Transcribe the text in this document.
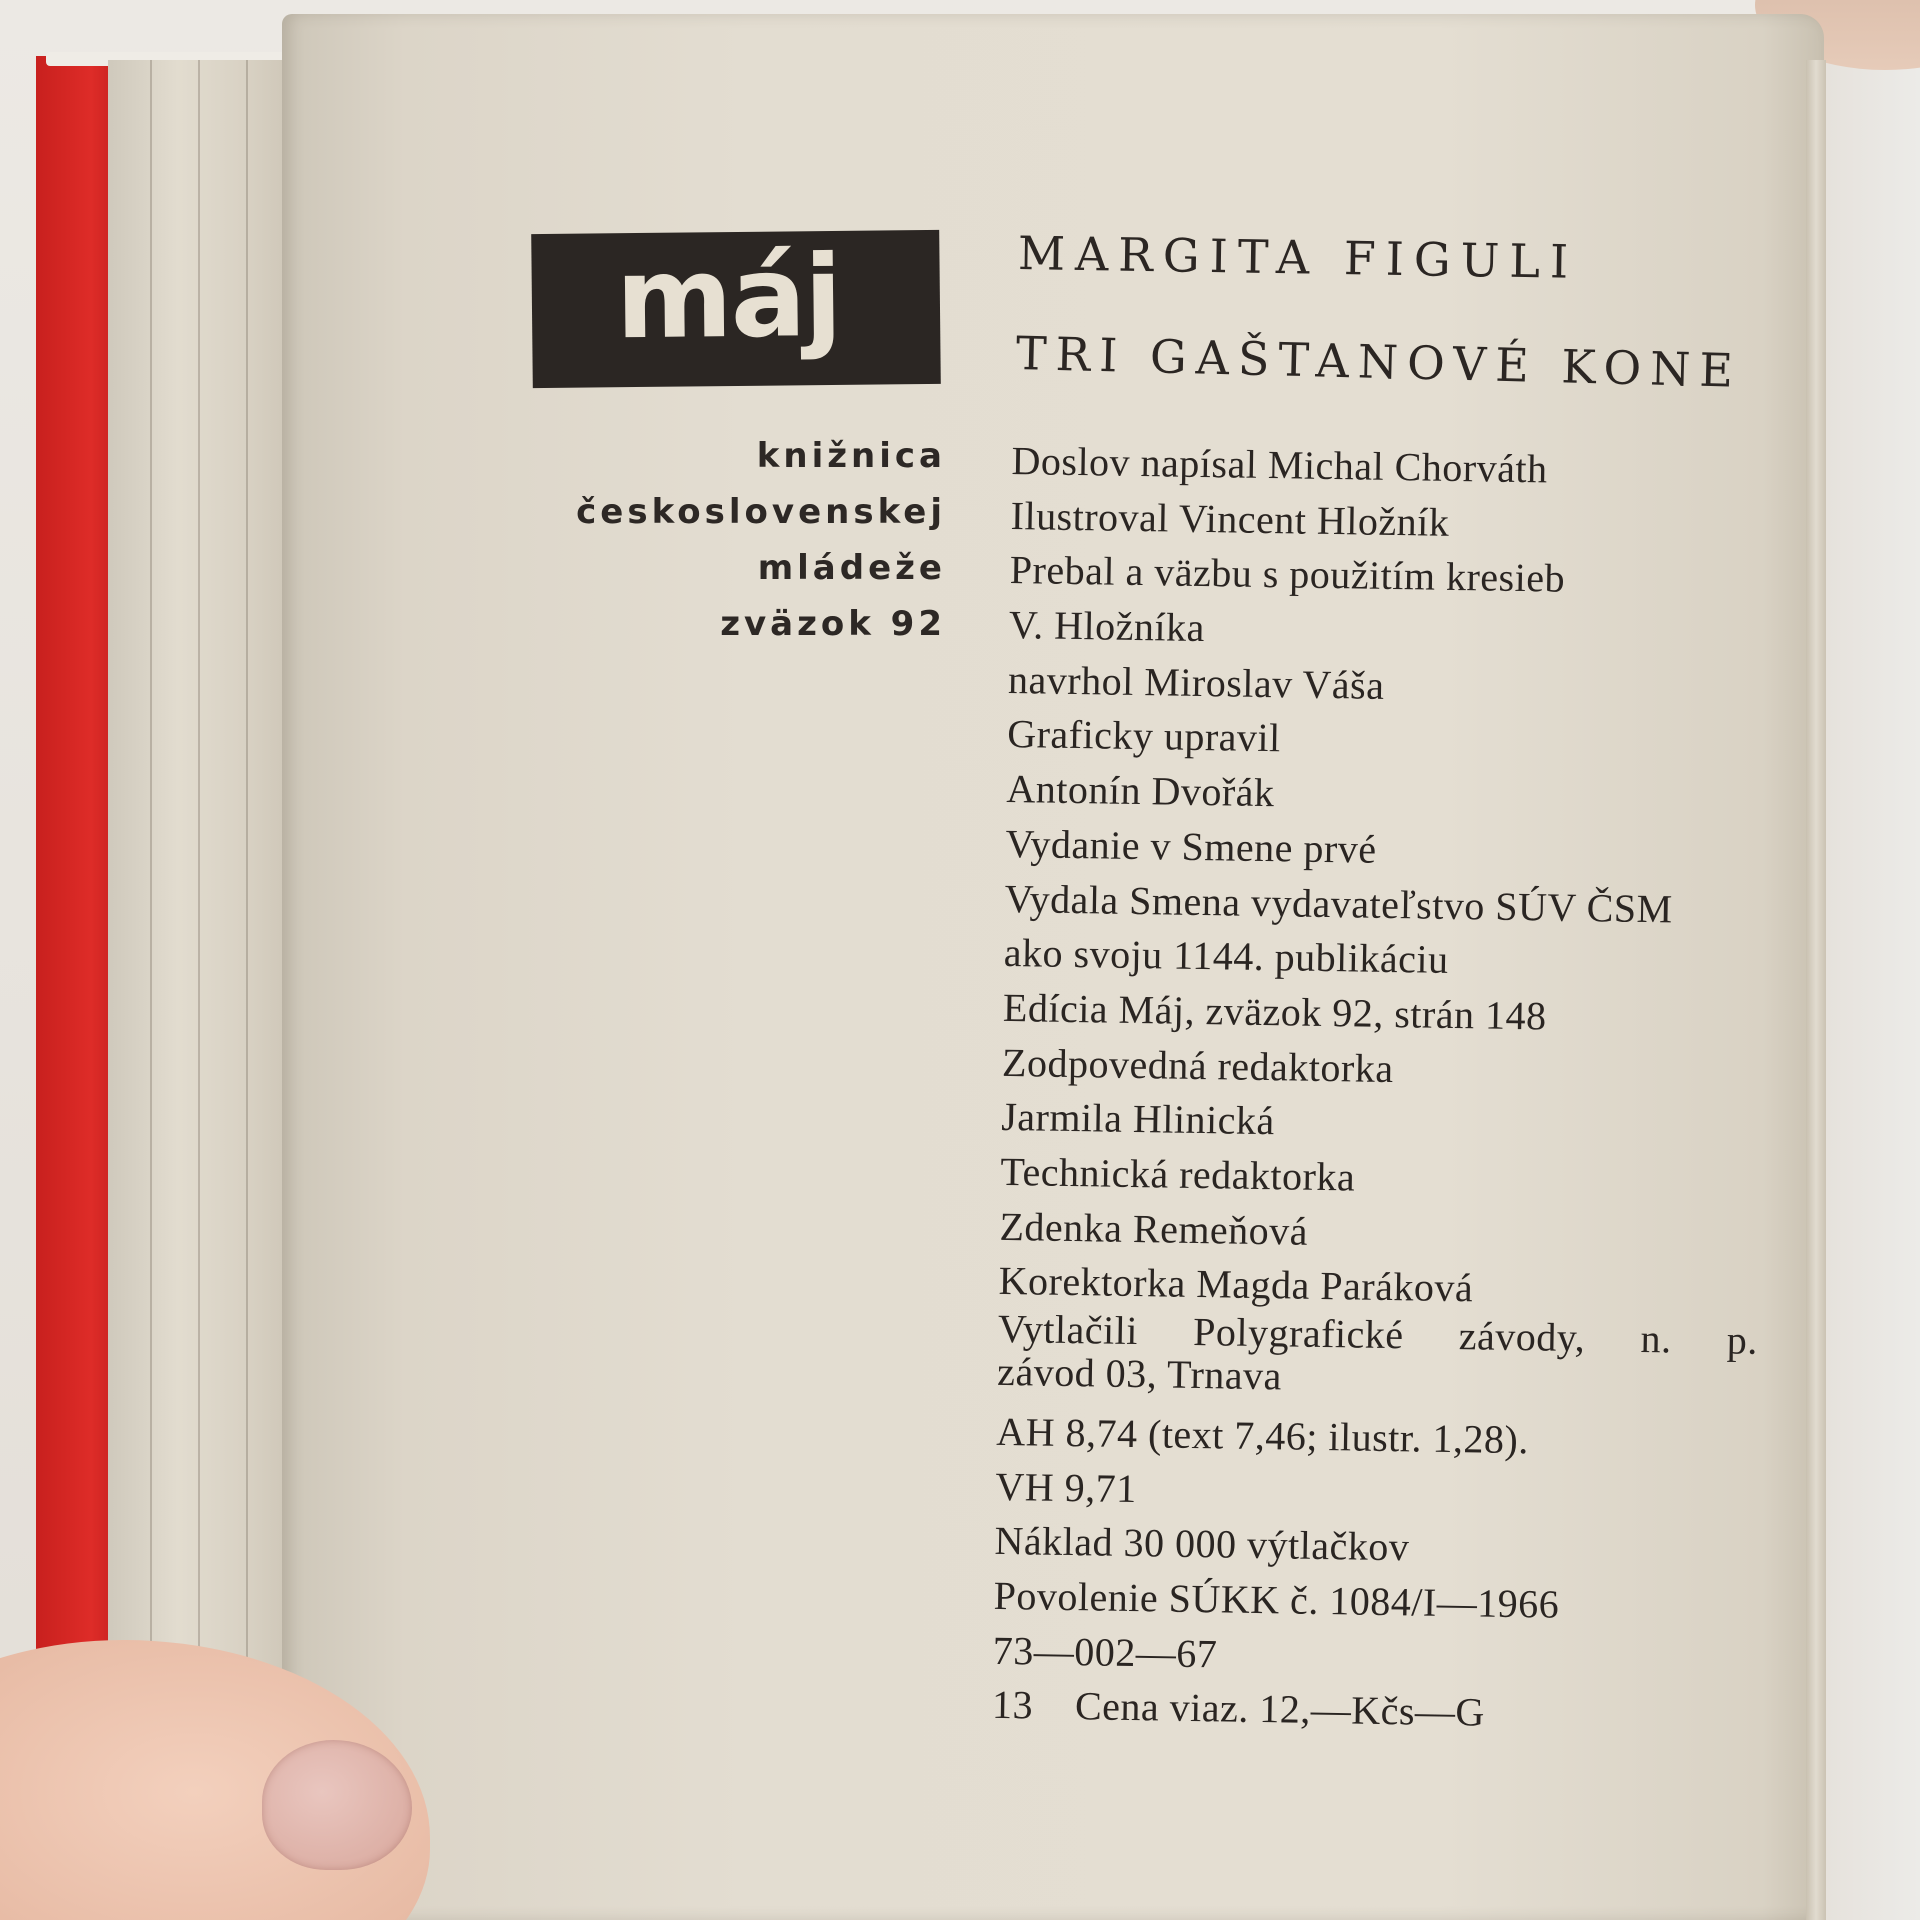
máj
knižnica
československej
mládeže
zväzok 92
MARGITA FIGULI
TRI GAŠTANOVÉ KONE
Doslov napísal Michal Chorváth
Ilustroval Vincent Hložník
Prebal a väzbu s použitím kresieb
V. Hložníka
navrhol Miroslav Váša
Graficky upravil
Antonín Dvořák
Vydanie v Smene prvé
Vydala Smena vydavateľstvo SÚV ČSM
ako svoju 1144. publikáciu
Edícia Máj, zväzok 92, strán 148
Zodpovedná redaktorka
Jarmila Hlinická
Technická redaktorka
Zdenka Remeňová
Korektorka Magda Paráková
Vytlačili Polygrafické závody, n. p.
závod 03, Trnava
AH 8,74 (text 7,46; ilustr. 1,28).
VH 9,71
Náklad 30 000 výtlačkov
Povolenie SÚKK č. 1084/I—1966
73—002—67
13 Cena viaz. 12,—Kčs—G
